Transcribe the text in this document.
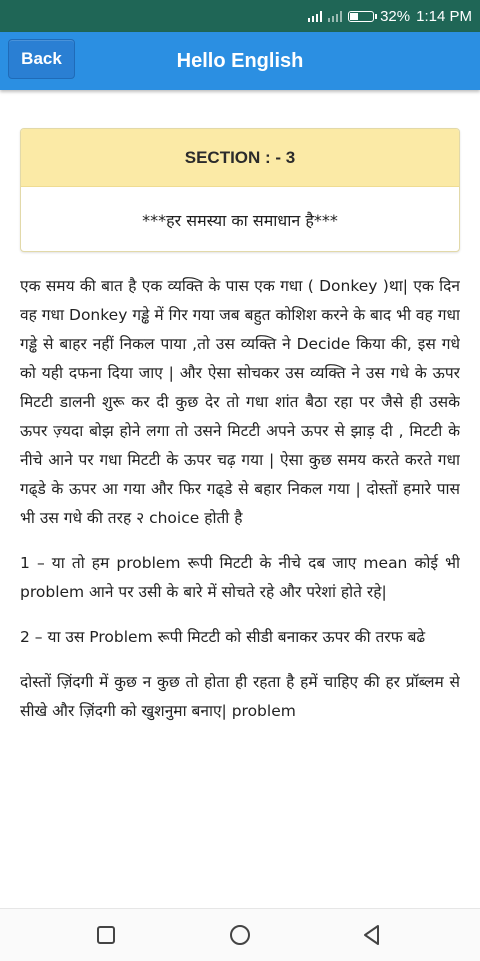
32% 1:14 PM
Hello English
Back
SECTION : - 3
***हर समस्या का समाधान है***

एक समय की बात है एक व्यक्ति के पास एक गधा ( Donkey )था| एक दिन वह गधा Donkey गड्ढे में गिर गया जब बहुत कोशिश करने के बाद भी वह गधा गड्ढे से बाहर नहीं निकल पाया ,तो उस व्यक्ति ने Decide किया की, इस गधे को यही दफना दिया जाए | और ऐसा सोचकर उस व्यक्ति ने उस गधे के ऊपर मिटटी डालनी शुरू कर दी कुछ देर तो गधा शांत बैठा रहा पर जैसे ही उसके ऊपर ज़्यदा बोझ होने लगा तो उसने मिटटी अपने ऊपर से झाड़ दी , मिटटी के नीचे आने पर गधा मिटटी के ऊपर चढ़ गया | ऐसा कुछ समय करते करते गधा गढ्डे के ऊपर आ गया और फिर गढ्डे से बहार निकल गया | दोस्तों हमारे पास भी उस गधे की तरह २ choice होती है

1 – या तो हम problem रूपी मिटटी के नीचे दब जाए mean कोई भी problem आने पर उसी के बारे में सोचते रहे और परेशां होते रहे|

2 – या उस Problem रूपी मिटटी को सीडी बनाकर ऊपर की तरफ बढे

दोस्तों ज़िंदगी में कुछ न कुछ तो होता ही रहता है हमें चाहिए की हर प्रॉब्लम से सीखे और ज़िंदगी को खुशनुमा बनाए| problem
